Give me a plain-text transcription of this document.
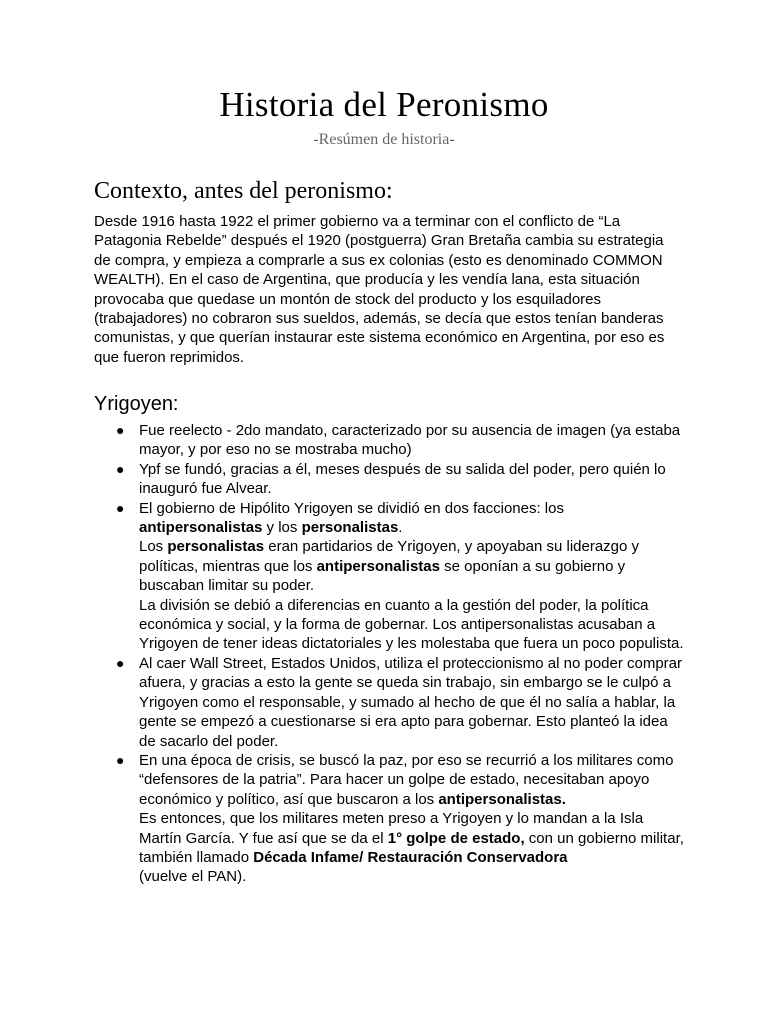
Historia del Peronismo

-Resúmen de historia-

Contexto, antes del peronismo:

Desde 1916 hasta 1922 el primer gobierno va a terminar con el conflicto de “La Patagonia Rebelde” después el 1920 (postguerra) Gran Bretaña cambia su estrategia de compra, y empieza a comprarle a sus ex colonias (esto es denominado COMMON WEALTH). En el caso de Argentina, que producía y les vendía lana, esta situación provocaba que quedase un montón de stock del producto y los esquiladores (trabajadores) no cobraron sus sueldos, además, se decía que estos tenían banderas comunistas, y que querían instaurar este sistema económico en Argentina, por eso es que fueron reprimidos.

Yrigoyen:
● Fue reelecto - 2do mandato, caracterizado por su ausencia de imagen (ya estaba mayor, y por eso no se mostraba mucho)
● Ypf se fundó, gracias a él, meses después de su salida del poder, pero quién lo inauguró fue Alvear.
● El gobierno de Hipólito Yrigoyen se dividió en dos facciones: los antipersonalistas y los personalistas.
Los personalistas eran partidarios de Yrigoyen, y apoyaban su liderazgo y políticas, mientras que los antipersonalistas se oponían a su gobierno y buscaban limitar su poder.
La división se debió a diferencias en cuanto a la gestión del poder, la política económica y social, y la forma de gobernar. Los antipersonalistas acusaban a Yrigoyen de tener ideas dictatoriales y les molestaba que fuera un poco populista.
● Al caer Wall Street, Estados Unidos, utiliza el proteccionismo al no poder comprar afuera, y gracias a esto la gente se queda sin trabajo, sin embargo se le culpó a Yrigoyen como el responsable, y sumado al hecho de que él no salía a hablar, la gente se empezó a cuestionarse si era apto para gobernar. Esto planteó la idea de sacarlo del poder.
● En una época de crisis, se buscó la paz, por eso se recurrió a los militares como “defensores de la patria”. Para hacer un golpe de estado, necesitaban apoyo económico y político, así que buscaron a los antipersonalistas.
Es entonces, que los militares meten preso a Yrigoyen y lo mandan a la Isla Martín García. Y fue así que se da el 1° golpe de estado, con un gobierno militar, también llamado Década Infame/ Restauración Conservadora
(vuelve el PAN).
